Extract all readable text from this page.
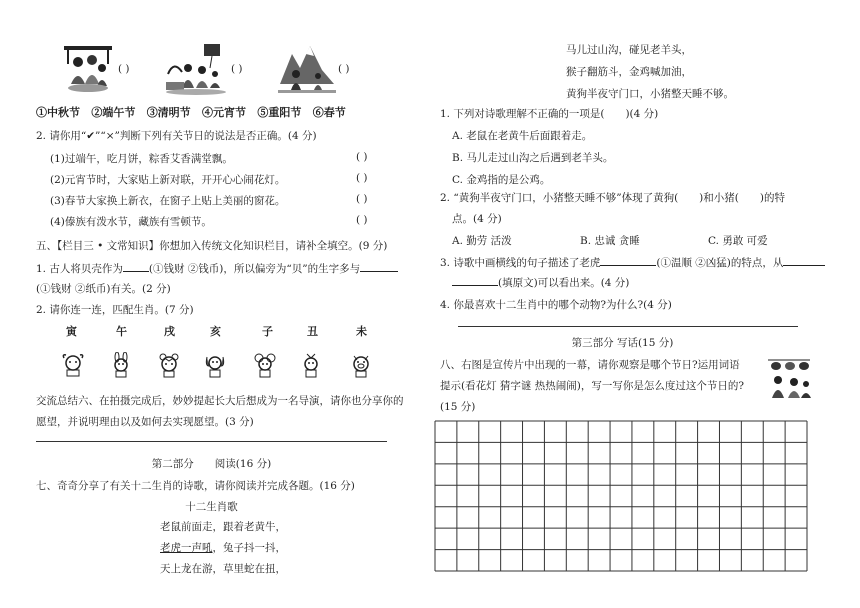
( )	( )	( )
①中秋节 ②端午节 ③清明节 ④元宵节 ⑤重阳节 ⑥春节
2. 请你用“✔”“×”判断下列有关节日的说法是否正确。(4 分)
(1)过端午，吃月饼，粽香艾香满堂飘。	( )
(2)元宵节时，大家贴上新对联，开开心心闹花灯。	( )
(3)春节大家换上新衣，在窗子上贴上美丽的窗花。	( )
(4)傣族有泼水节，藏族有雪顿节。	( )
五、【栏目三 • 文常知识】你想加入传统文化知识栏目，请补全填空。(9 分)
1. 古人将贝壳作为 (①钱财 ②钱币)，所以偏旁为“贝”的生字多与
(①钱财 ②纸币)有关。(2 分)
2. 请你连一连，匹配生肖。(7 分)
寅	午	戌	亥	子	丑	未
交流总结六、在拍摄完成后，妙妙提起长大后想成为一名导演，请你也分享你的
愿望，并说明理由以及如何去实现愿望。(3 分)
第二部分　　阅读(16 分)
七、奇奇分享了有关十二生肖的诗歌，请你阅读并完成各题。(16 分)
十二生肖歌
老鼠前面走，跟着老黄牛，
老虎一声吼，兔子抖一抖，
天上龙在游，草里蛇在扭，
马儿过山沟，碰见老羊头，
猴子翻筋斗，金鸡喊加油，
黄狗半夜守门口，小猪整天睡不够。
1. 下列对诗歌理解不正确的一项是(　　)(4 分)
A. 老鼠在老黄牛后面跟着走。
B. 马儿走过山沟之后遇到老羊头。
C. 金鸡指的是公鸡。
2. “黄狗半夜守门口，小猪整天睡不够”体现了黄狗(　　)和小猪(　　)的特
点。(4 分)
A. 勤劳 活泼	B. 忠诚 贪睡	C. 勇敢 可爱
3. 诗歌中画横线的句子描述了老虎	(①温顺 ②凶猛)的特点，从
(填原文)可以看出来。(4 分)
4. 你最喜欢十二生肖中的哪个动物?为什么?(4 分)
第三部分 写话(15 分)
八、右图是宣传片中出现的一幕，请你观察是哪个节日?运用词语
提示(看花灯 猜字谜 热热闹闹)，写一写你是怎么度过这个节日的?
(15 分)
